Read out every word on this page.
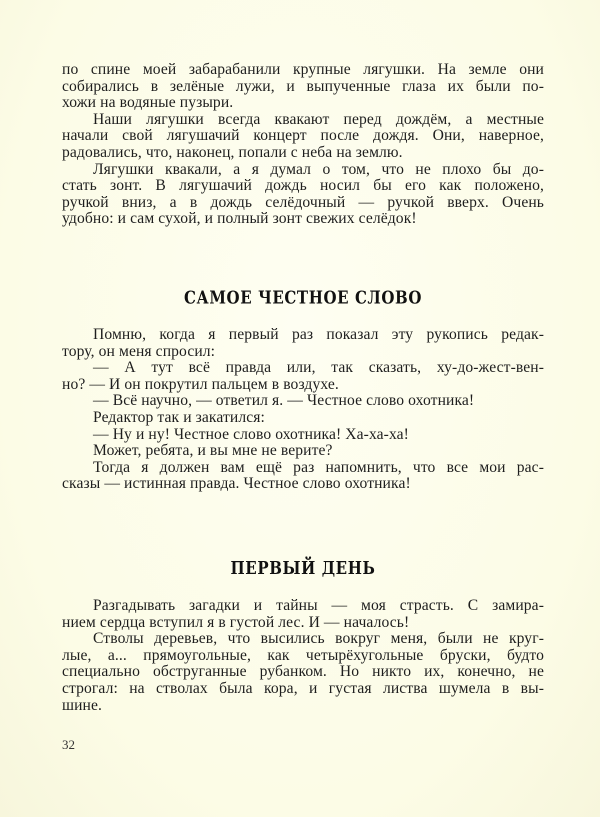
по спине моей забарабанили крупные лягушки. На земле они
собирались в зелёные лужи, и выпученные глаза их были по-
хожи на водяные пузыри.
Наши лягушки всегда квакают перед дождём, а местные
начали свой лягушачий концерт после дождя. Они, наверное,
радовались, что, наконец, попали с неба на землю.
Лягушки квакали, а я думал о том, что не плохо бы до-
стать зонт. В лягушачий дождь носил бы его как положено,
ручкой вниз, а в дождь селёдочный — ручкой вверх. Очень
удобно: и сам сухой, и полный зонт свежих селёдок!
САМОЕ ЧЕСТНОЕ СЛОВО
Помню, когда я первый раз показал эту рукопись редак-
тору, он меня спросил:
— А тут всё правда или, так сказать, ху-до-жест-вен-
но? — И он покрутил пальцем в воздухе.
— Всё научно, — ответил я. — Честное слово охотника!
Редактор так и закатился:
— Ну и ну! Честное слово охотника! Ха-ха-ха!
Может, ребята, и вы мне не верите?
Тогда я должен вам ещё раз напомнить, что все мои рас-
сказы — истинная правда. Честное слово охотника!
ПЕРВЫЙ ДЕНЬ
Разгадывать загадки и тайны — моя страсть. С замира-
нием сердца вступил я в густой лес. И — началось!
Стволы деревьев, что высились вокруг меня, были не круг-
лые, а... прямоугольные, как четырёхугольные бруски, будто
специально обструганные рубанком. Но никто их, конечно, не
строгал: на стволах была кора, и густая листва шумела в вы-
шине.
32
